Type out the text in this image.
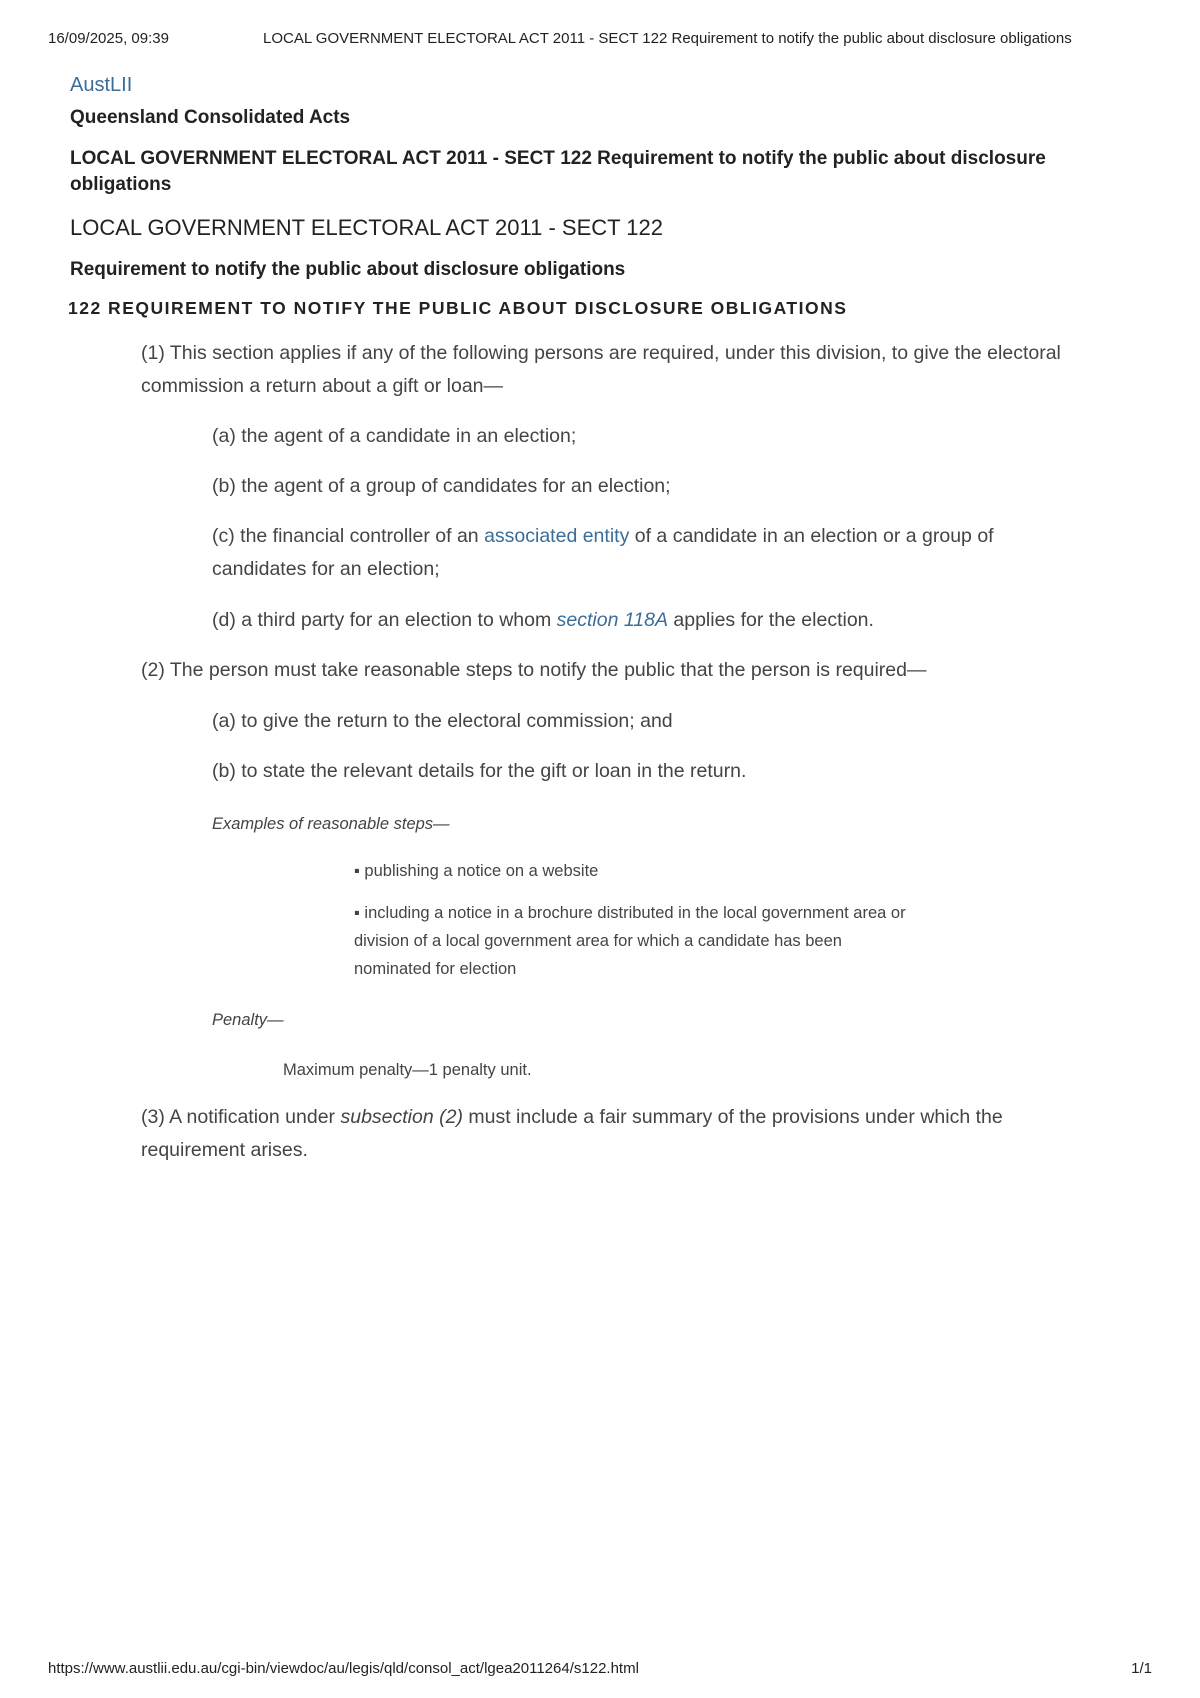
16/09/2025, 09:39	LOCAL GOVERNMENT ELECTORAL ACT 2011 - SECT 122 Requirement to notify the public about disclosure obligations
AustLII
Queensland Consolidated Acts
LOCAL GOVERNMENT ELECTORAL ACT 2011 - SECT 122 Requirement to notify the public about disclosure obligations
LOCAL GOVERNMENT ELECTORAL ACT 2011 - SECT 122
Requirement to notify the public about disclosure obligations
122 REQUIREMENT TO NOTIFY THE PUBLIC ABOUT DISCLOSURE OBLIGATIONS
(1) This section applies if any of the following persons are required, under this division, to give the electoral commission a return about a gift or loan—
(a) the agent of a candidate in an election;
(b) the agent of a group of candidates for an election;
(c) the financial controller of an associated entity of a candidate in an election or a group of candidates for an election;
(d) a third party for an election to whom section 118A applies for the election.
(2) The person must take reasonable steps to notify the public that the person is required—
(a) to give the return to the electoral commission; and
(b) to state the relevant details for the gift or loan in the return.
Examples of reasonable steps—
▪ publishing a notice on a website
▪ including a notice in a brochure distributed in the local government area or division of a local government area for which a candidate has been nominated for election
Penalty—
Maximum penalty—1 penalty unit.
(3) A notification under subsection (2) must include a fair summary of the provisions under which the requirement arises.
https://www.austlii.edu.au/cgi-bin/viewdoc/au/legis/qld/consol_act/lgea2011264/s122.html	1/1
